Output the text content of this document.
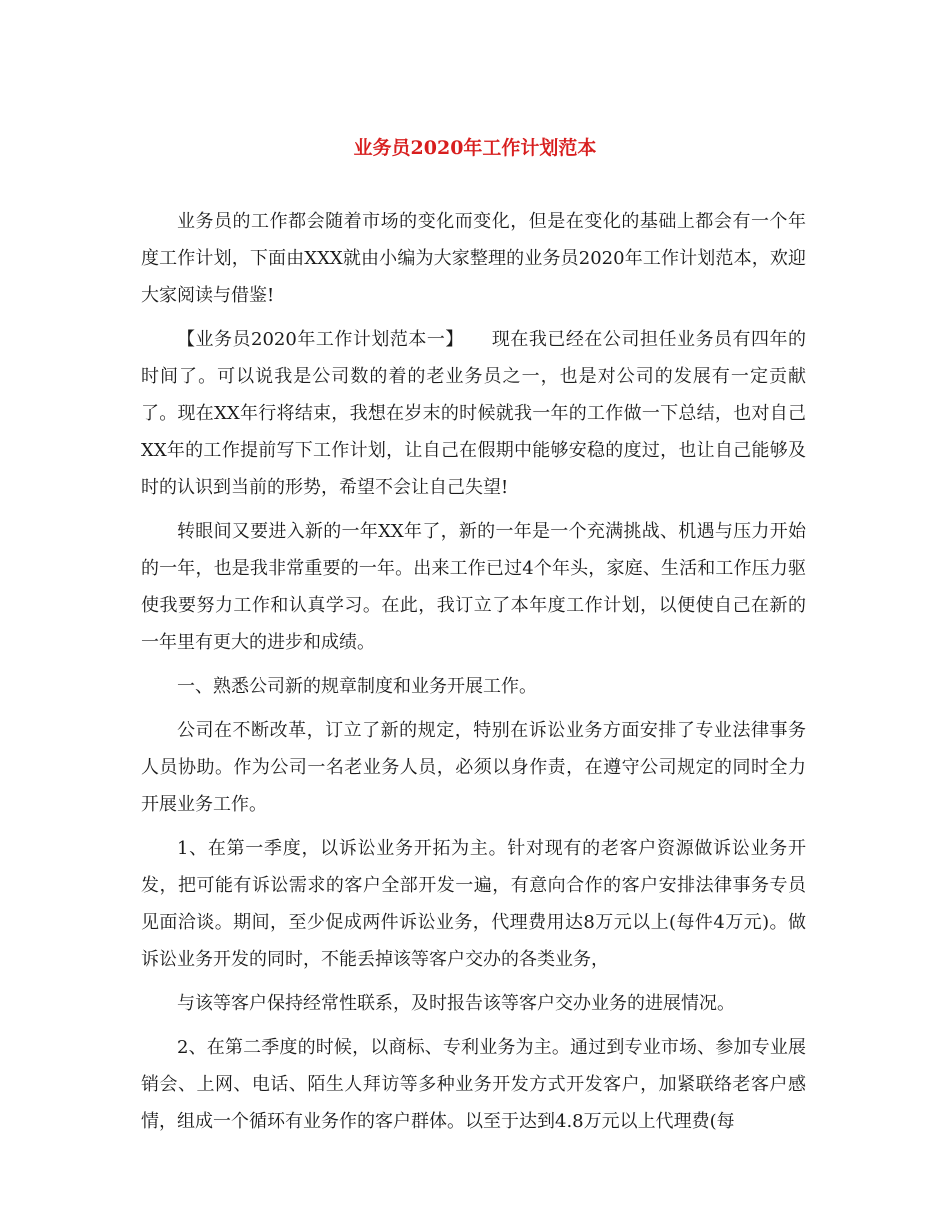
业务员2020年工作计划范本

业务员的工作都会随着市场的变化而变化，但是在变化的基础上都会有一个年度工作计划，下面由XXX就由小编为大家整理的业务员2020年工作计划范本，欢迎大家阅读与借鉴!

【业务员2020年工作计划范本一】　　现在我已经在公司担任业务员有四年的时间了。可以说我是公司数的着的老业务员之一，也是对公司的发展有一定贡献了。现在XX年行将结束，我想在岁末的时候就我一年的工作做一下总结，也对自己XX年的工作提前写下工作计划，让自己在假期中能够安稳的度过，也让自己能够及时的认识到当前的形势，希望不会让自己失望!

转眼间又要进入新的一年XX年了，新的一年是一个充满挑战、机遇与压力开始的一年，也是我非常重要的一年。出来工作已过4个年头，家庭、生活和工作压力驱使我要努力工作和认真学习。在此，我订立了本年度工作计划，以便使自己在新的一年里有更大的进步和成绩。

一、熟悉公司新的规章制度和业务开展工作。

公司在不断改革，订立了新的规定，特别在诉讼业务方面安排了专业法律事务人员协助。作为公司一名老业务人员，必须以身作责，在遵守公司规定的同时全力开展业务工作。

1、在第一季度，以诉讼业务开拓为主。针对现有的老客户资源做诉讼业务开发，把可能有诉讼需求的客户全部开发一遍，有意向合作的客户安排法律事务专员见面洽谈。期间，至少促成两件诉讼业务，代理费用达8万元以上(每件4万元)。做诉讼业务开发的同时，不能丢掉该等客户交办的各类业务，

与该等客户保持经常性联系，及时报告该等客户交办业务的进展情况。

2、在第二季度的时候，以商标、专利业务为主。通过到专业市场、参加专业展销会、上网、电话、陌生人拜访等多种业务开发方式开发客户，加紧联络老客户感情，组成一个循环有业务作的客户群体。以至于达到4.8万元以上代理费(每
